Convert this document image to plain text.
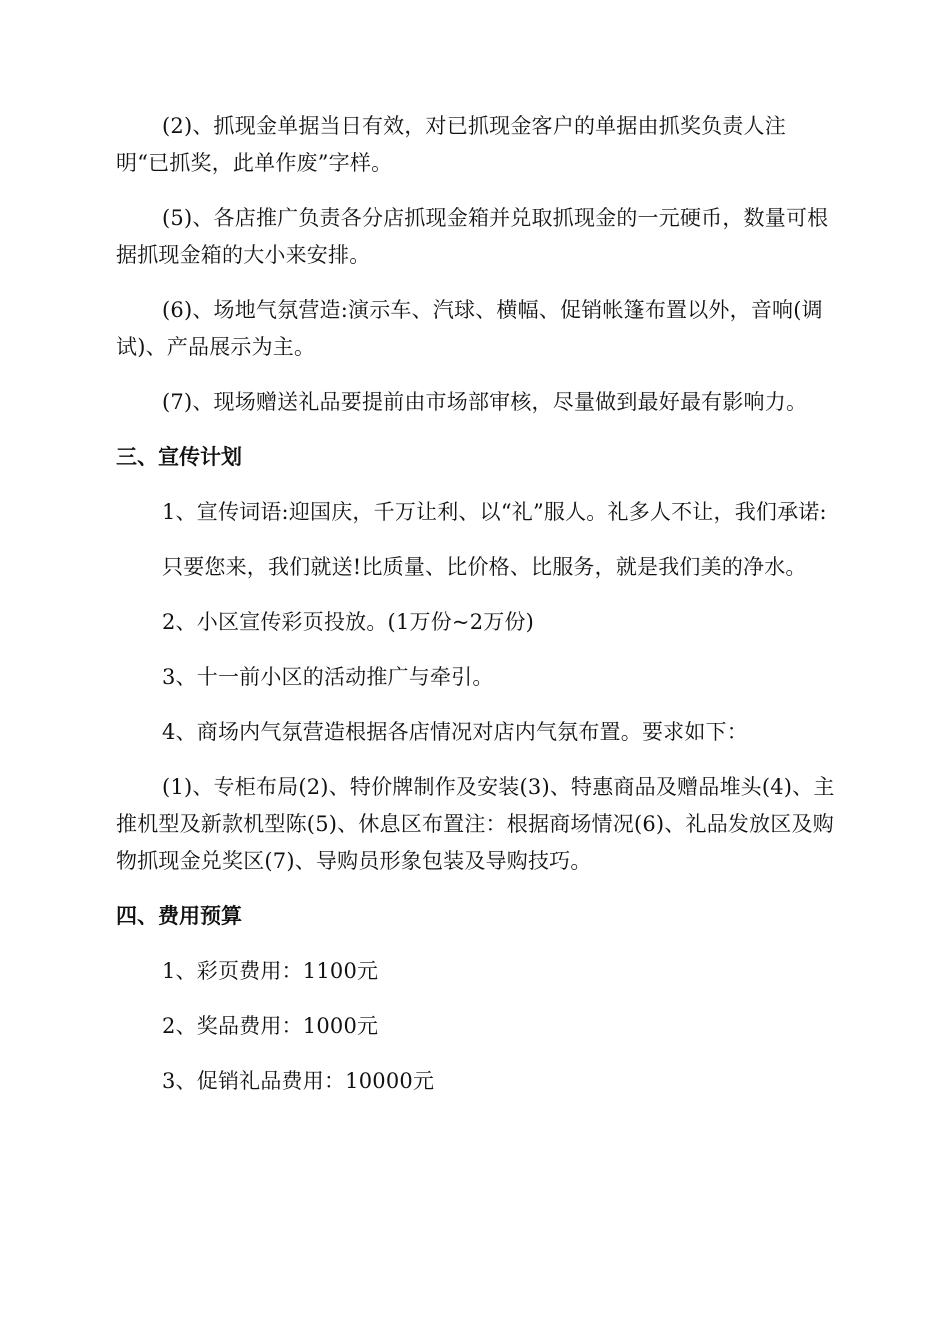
(2)、抓现金单据当日有效，对已抓现金客户的单据由抓奖负责人注明“已抓奖，此单作废”字样。

(5)、各店推广负责各分店抓现金箱并兑取抓现金的一元硬币，数量可根据抓现金箱的大小来安排。

(6)、场地气氛营造:演示车、汽球、横幅、促销帐篷布置以外，音响(调试)、产品展示为主。

(7)、现场赠送礼品要提前由市场部审核，尽量做到最好最有影响力。

三、宣传计划

1、宣传词语:迎国庆，千万让利、以“礼”服人。礼多人不让，我们承诺:

只要您来，我们就送!比质量、比价格、比服务，就是我们美的净水。

2、小区宣传彩页投放。(1万份~2万份)

3、十一前小区的活动推广与牵引。

4、商场内气氛营造根据各店情况对店内气氛布置。要求如下：

(1)、专柜布局(2)、特价牌制作及安装(3)、特惠商品及赠品堆头(4)、主推机型及新款机型陈(5)、休息区布置注：根据商场情况(6)、礼品发放区及购物抓现金兑奖区(7)、导购员形象包装及导购技巧。

四、费用预算

1、彩页费用：1100元

2、奖品费用：1000元

3、促销礼品费用：10000元
